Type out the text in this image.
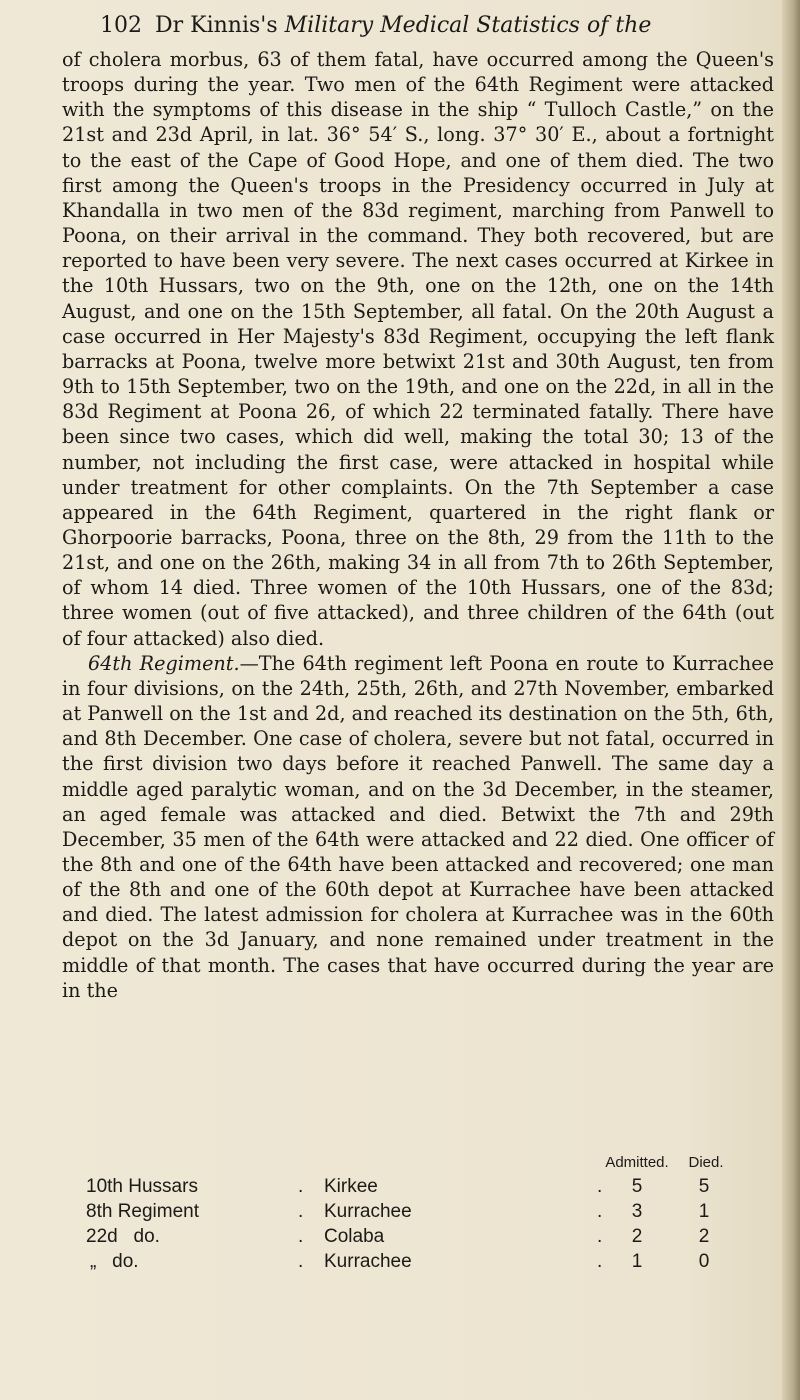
102 Dr Kinnis's Military Medical Statistics of the

of cholera morbus, 63 of them fatal, have occurred among the Queen's troops during the year. Two men of the 64th Regiment were attacked with the symptoms of this disease in the ship “ Tulloch Castle,” on the 21st and 23d April, in lat. 36° 54′ S., long. 37° 30′ E., about a fortnight to the east of the Cape of Good Hope, and one of them died. The two first among the Queen's troops in the Presidency occurred in July at Khandalla in two men of the 83d regiment, marching from Panwell to Poona, on their arrival in the command. They both recovered, but are reported to have been very severe. The next cases occurred at Kirkee in the 10th Hussars, two on the 9th, one on the 12th, one on the 14th August, and one on the 15th September, all fatal. On the 20th August a case occurred in Her Majesty's 83d Regiment, occupying the left flank barracks at Poona, twelve more betwixt 21st and 30th August, ten from 9th to 15th September, two on the 19th, and one on the 22d, in all in the 83d Regiment at Poona 26, of which 22 terminated fatally. There have been since two cases, which did well, making the total 30; 13 of the number, not including the first case, were attacked in hospital while under treatment for other complaints. On the 7th September a case appeared in the 64th Regiment, quartered in the right flank or Ghorpoorie barracks, Poona, three on the 8th, 29 from the 11th to the 21st, and one on the 26th, making 34 in all from 7th to 26th September, of whom 14 died. Three women of the 10th Hussars, one of the 83d; three women (out of five attacked), and three children of the 64th (out of four attacked) also died.

64th Regiment.—The 64th regiment left Poona en route to Kurrachee in four divisions, on the 24th, 25th, 26th, and 27th November, embarked at Panwell on the 1st and 2d, and reached its destination on the 5th, 6th, and 8th December. One case of cholera, severe but not fatal, occurred in the first division two days before it reached Panwell. The same day a middle aged paralytic woman, and on the 3d December, in the steamer, an aged female was attacked and died. Betwixt the 7th and 29th December, 35 men of the 64th were attacked and 22 died. One officer of the 8th and one of the 64th have been attacked and recovered; one man of the 8th and one of the 60th depot at Kurrachee have been attacked and died. The latest admission for cholera at Kurrachee was in the 60th depot on the 3d January, and none remained under treatment in the middle of that month. The cases that have occurred during the year are in the

Admitted.	Died.
10th Hussars	. Kirkee	.	5	5
8th Regiment	. Kurrachee	.	3	1
22d   do.	. Colaba	.	2	2
„   do.	. Kurrachee	.	1	0
